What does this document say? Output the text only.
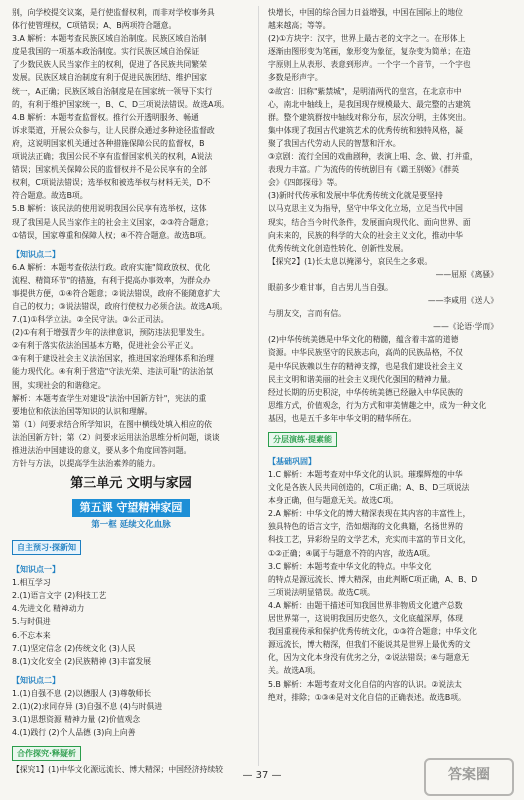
别，向学校提交议案，是行使监督权利，而非对学校事务具
体行使管理权，C项错误；A、B两项符合题意。
3.A 解析：本题考查民族区域自治制度。民族区域自治制
度是我国的一项基本政治制度。实行民族区域自治保证
了少数民族人民当家作主的权利，促进了各民族共同繁荣
发展。民族区域自治制度有利于促进民族团结、维护国家
统一，A正确；民族区域自治制度是在国家统一领导下实行
的，有利于维护国家统一，B、C、D三项说法错误。故选A项。
4.B 解析：本题考查监督权。推行公开透明服务、畅通
诉求渠道，开展公众参与，让人民群众通过多种途径监督政
府，这说明国家机关通过各种措施保障公民的监督权，B
项说法正确；我国公民不享有监督国家机关的权利，A说法
错误；国家机关保障公民的监督权并不是公民享有的全部
权利，C项说法错误；选举权和被选举权与材料无关，D不
符合题意。故选B项。
5.B 解析：该民法的使用说明我国公民享有选举权，这体
现了我国是人民当家作主的社会主义国家，②③符合题意；
①错误，国家尊重和保障人权；④不符合题意。故选B项。
【知识点二】
6.A 解析：本题考查依法行政。政府实施"简政放权、优化
流程、精简环节"的措施，有利于提高办事效率，为群众办
事提供方便，①④符合题意；②说法错误，政府不能随意扩大
自己的权力；③说法错误，政府行使权力必须合法。故选A项。
7.(1)①科学立法。②全民守法。③公正司法。
(2)①有利于增强青少年的法律意识，预防违法犯罪发生。
②有利于落实依法治国基本方略，促进社会公平正义。
③有利于建设社会主义法治国家，推进国家治理体系和治理
能力现代化。④有利于营造"守法光荣、违法可耻"的法治氛
围，实现社会的和谐稳定。
解析：本题考查学生对建设"法治中国新方针"，宪法的重
要地位和依法治国等知识的认识和理解。
第（1）问要求结合所学知识，在图中横线处填入相应的依
法治国新方针；第（2）问要求运用法治思维分析问题，谈谈
推进法治中国建设的意义，要从多个角度回答问题。
方针与方法，以提高学生法治素养的能力。
第三单元 文明与家园
第五课 守望精神家园
第一框 延续文化血脉
自主预习·探新知
【知识点一】
1.相互学习
2.(1)语言文字 (2)科技工艺
4.先进文化 精神动力
5.与时俱进
6.不忘本来
7.(1)坚定信念 (2)传统文化 (3)人民
8.(1)文化安全 (2)民族精神 (3)丰富发展
【知识点二】
1.(1)自强不息 (2)以德服人 (3)尊敬师长
2.(1)(2)求同存异 (3)自强不息 (4)与时俱进
3.(1)思想资源 精神力量 (2)价值观念
4.(1)践行 (2)个人品德 (3)向上向善
合作探究·释疑析
【探究1】(1)中华文化源远流长、博大精深；中国经济持续较
快增长，中国的综合国力日益增强，中国在国际上的地位
越来越高；等等。
(2)①方块字：汉字，世界上最古老的文字之一。在形体上
逐渐由图形变为笔画，象形变为象征，复杂变为简单；在造
字原则上从表形、表意到形声。一个字一个音节，一个字也
多数是形声字。
②故宫：旧称"紫禁城"，是明清两代的皇宫，在北京市中
心，南北中轴线上，是我国现存规模最大、最完整的古建筑
群。整个建筑群按中轴线对称分布，层次分明，主体突出。
集中体现了我国古代建筑艺术的优秀传统和独特风格，凝
聚了我国古代劳动人民的智慧和汗水。
③京剧：流行全国的戏曲剧种，表演上唱、念、做、打并重，
表现力丰富。广为流传的传统剧目有《霸王别姬》《群英
会》《四郎探母》等。
(3)新时代传承和发展中华优秀传统文化就是要坚持
以马克思主义为指导，坚守中华文化立场，立足当代中国
现实，结合当今时代条件，发展面向现代化、面向世界、面
向未来的，民族的科学的大众的社会主义文化，推动中华
优秀传统文化创造性转化、创新性发展。
【探究2】(1)长太息以掩涕兮，哀民生之多艰。
——屈原《离骚》
眼前多少难甘事，自古男儿当自强。
——李咸用《送人》
与朋友交，言而有信。
——《论语·学而》
(2)中华传统美德是中华文化的精髓，蕴含着丰富的道德
资源。中华民族坚守的民族志向，高尚的民族品格，不仅
是中华民族赖以生存的精神支撑，也是我们建设社会主义
民主文明和谐美丽的社会主义现代化强国的精神力量。
经过长期的历史积淀，中华传统美德已经融入中华民族的
思维方式，价值观念，行为方式和审美情趣之中，成为一种文化
基因，也是五千多年中华文明的精华所在。
分层演练·提素能
【基础巩固】
1.C 解析：本题考查对中华文化的认识。璀璨辉煌的中华
文化是各族人民共同创造的，C项正确；A、B、D三项说法
本身正确，但与题意无关。故选C项。
2.A 解析：中华文化的博大精深表现在其内容的丰富性上，
独具特色的语言文字，浩如烟海的文化典籍，名扬世界的
科技工艺，异彩纷呈的文学艺术，充实而丰富的节日文化，
①②正确；④属于与题意不符的内容，故选A项。
3.C 解析：本题考查中华文化的特点。中华文化
的特点是源远流长、博大精深，由此判断C项正确，A、B、D
三项说法明显错误。故选C项。
4.A 解析：由题干描述可知我国世界非物质文化遗产总数
居世界第一，这说明我国历史悠久，文化底蕴深厚，体现
我国重视传承和保护优秀传统文化，①③符合题意；中华文化
源远流长，博大精深，但我们不能说其是世界上最优秀的文
化，因为文化本身没有优劣之分，②说法错误；④与题意无
关。故选A项。
5.B 解析：本题考查对文化自信的内容的认识。②说法太
绝对，排除；①③④是对文化自信的正确表述。故选B项。
— 37 —	答案圈
